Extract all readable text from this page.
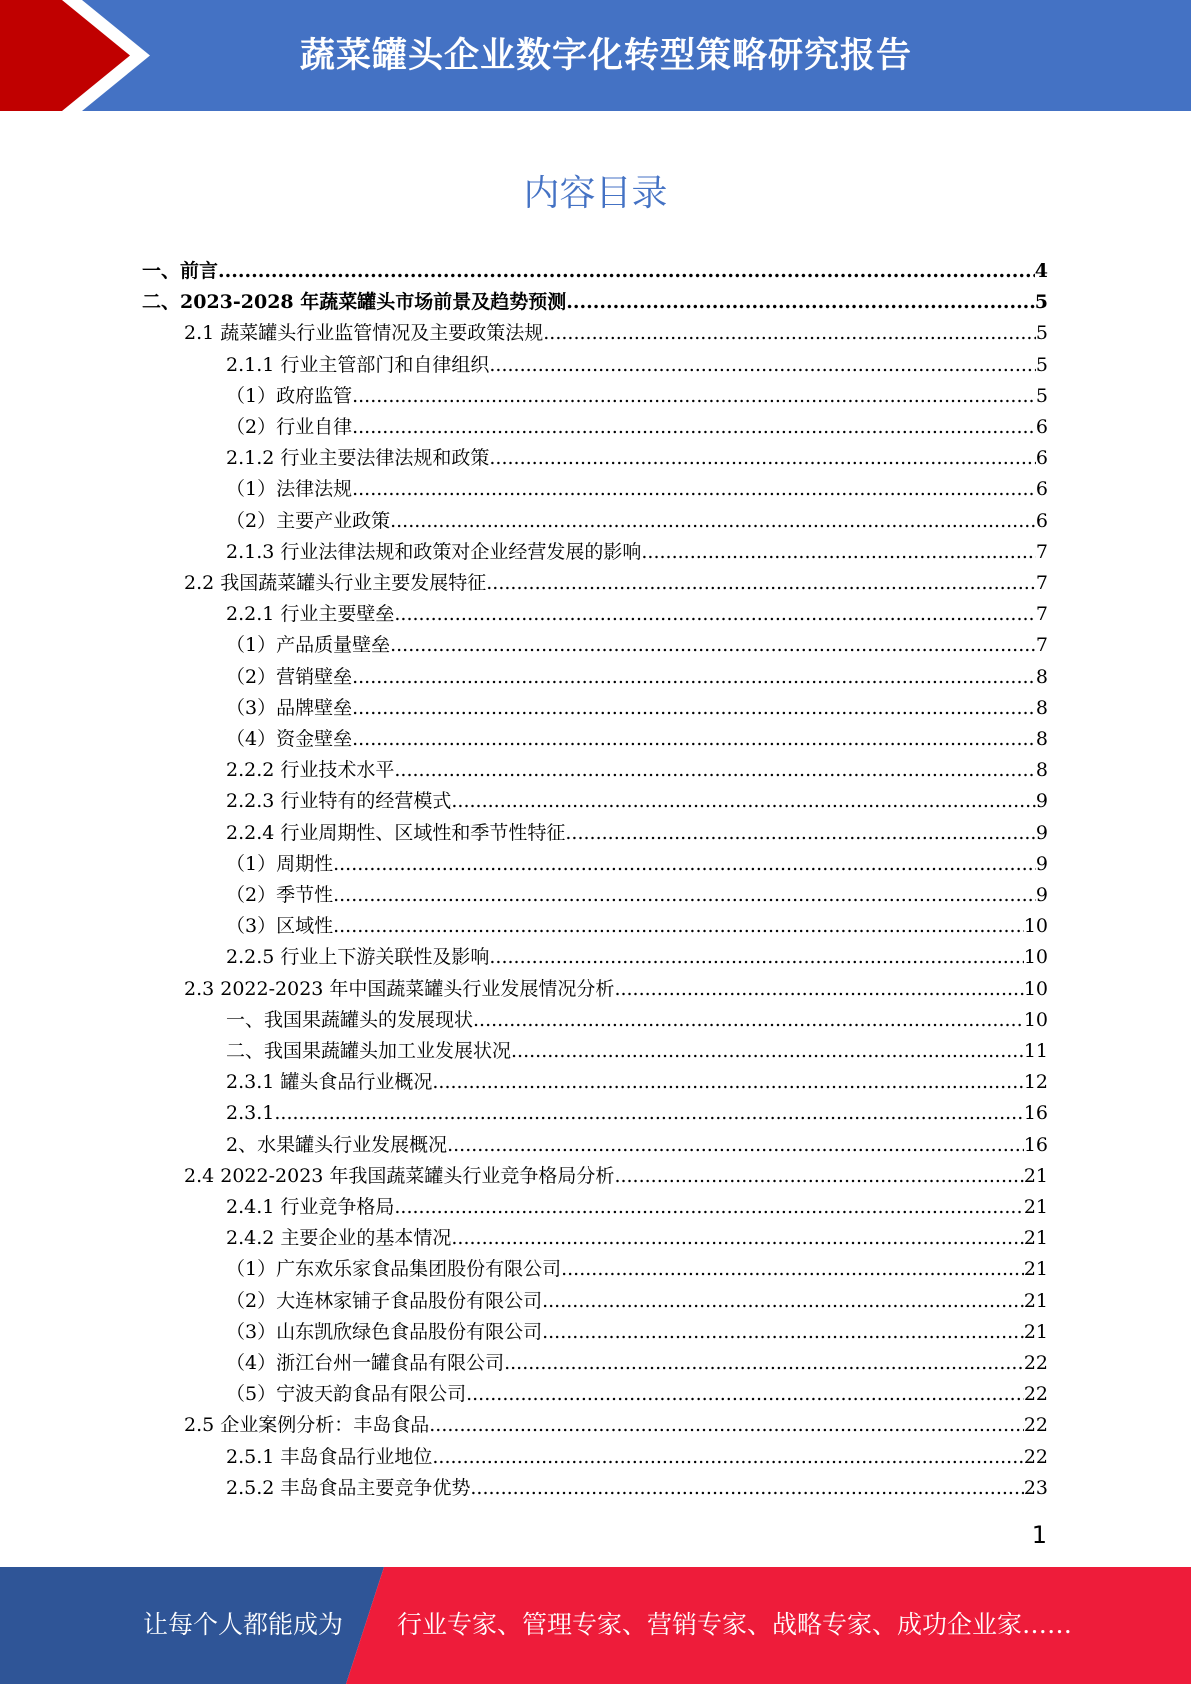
蔬菜罐头企业数字化转型策略研究报告
内容目录
一、前言 .....	4
二、2023-2028 年蔬菜罐头市场前景及趋势预测 .....	5
2.1 蔬菜罐头行业监管情况及主要政策法规 .....	5
2.1.1 行业主管部门和自律组织 .....	5
（1）政府监管 .....	5
（2）行业自律 .....	6
2.1.2 行业主要法律法规和政策 .....	6
（1）法律法规 .....	6
（2）主要产业政策 .....	6
2.1.3 行业法律法规和政策对企业经营发展的影响 .....	7
2.2 我国蔬菜罐头行业主要发展特征 .....	7
2.2.1 行业主要壁垒 .....	7
（1）产品质量壁垒 .....	7
（2）营销壁垒 .....	8
（3）品牌壁垒 .....	8
（4）资金壁垒 .....	8
2.2.2 行业技术水平 .....	8
2.2.3 行业特有的经营模式 .....	9
2.2.4 行业周期性、区域性和季节性特征 .....	9
（1）周期性 .....	9
（2）季节性 .....	9
（3）区域性 .....	10
2.2.5 行业上下游关联性及影响 .....	10
2.3 2022-2023 年中国蔬菜罐头行业发展情况分析 .....	10
一、我国果蔬罐头的发展现状 .....	10
二、我国果蔬罐头加工业发展状况 .....	11
2.3.1 罐头食品行业概况 .....	12
2.3.1 .....	16
2、水果罐头行业发展概况 .....	16
2.4 2022-2023 年我国蔬菜罐头行业竞争格局分析 .....	21
2.4.1 行业竞争格局 .....	21
2.4.2 主要企业的基本情况 .....	21
（1）广东欢乐家食品集团股份有限公司 .....	21
（2）大连林家铺子食品股份有限公司 .....	21
（3）山东凯欣绿色食品股份有限公司 .....	21
（4）浙江台州一罐食品有限公司 .....	22
（5）宁波天韵食品有限公司 .....	22
2.5 企业案例分析：丰岛食品 .....	22
2.5.1 丰岛食品行业地位 .....	22
2.5.2 丰岛食品主要竞争优势 .....	23
1
让每个人都能成为 行业专家、管理专家、营销专家、战略专家、成功企业家……
